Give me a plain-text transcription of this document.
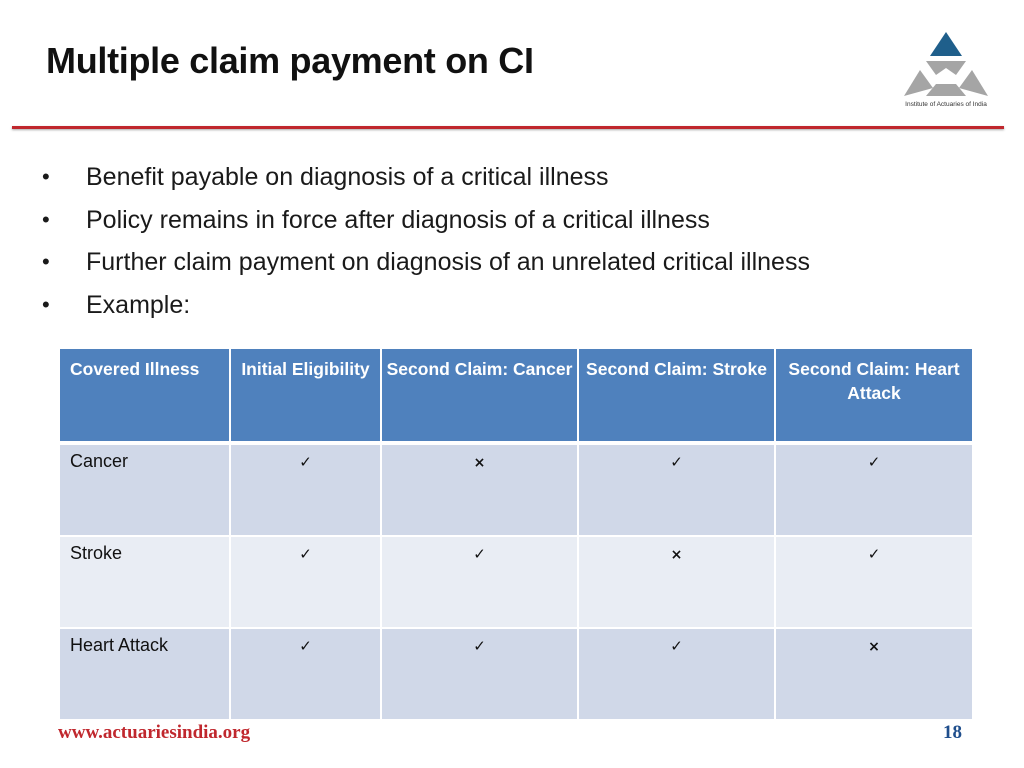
Multiple claim payment on CI
Institute of Actuaries of India
• Benefit payable on diagnosis of a critical illness
• Policy remains in force after diagnosis of a critical illness
• Further claim payment on diagnosis of an unrelated critical illness
• Example:
Covered Illness	Initial Eligibility	Second Claim: Cancer	Second Claim: Stroke	Second Claim: Heart Attack
Cancer	✓	×	✓	✓
Stroke	✓	✓	×	✓
Heart Attack	✓	✓	✓	×
www.actuariesindia.org	18
